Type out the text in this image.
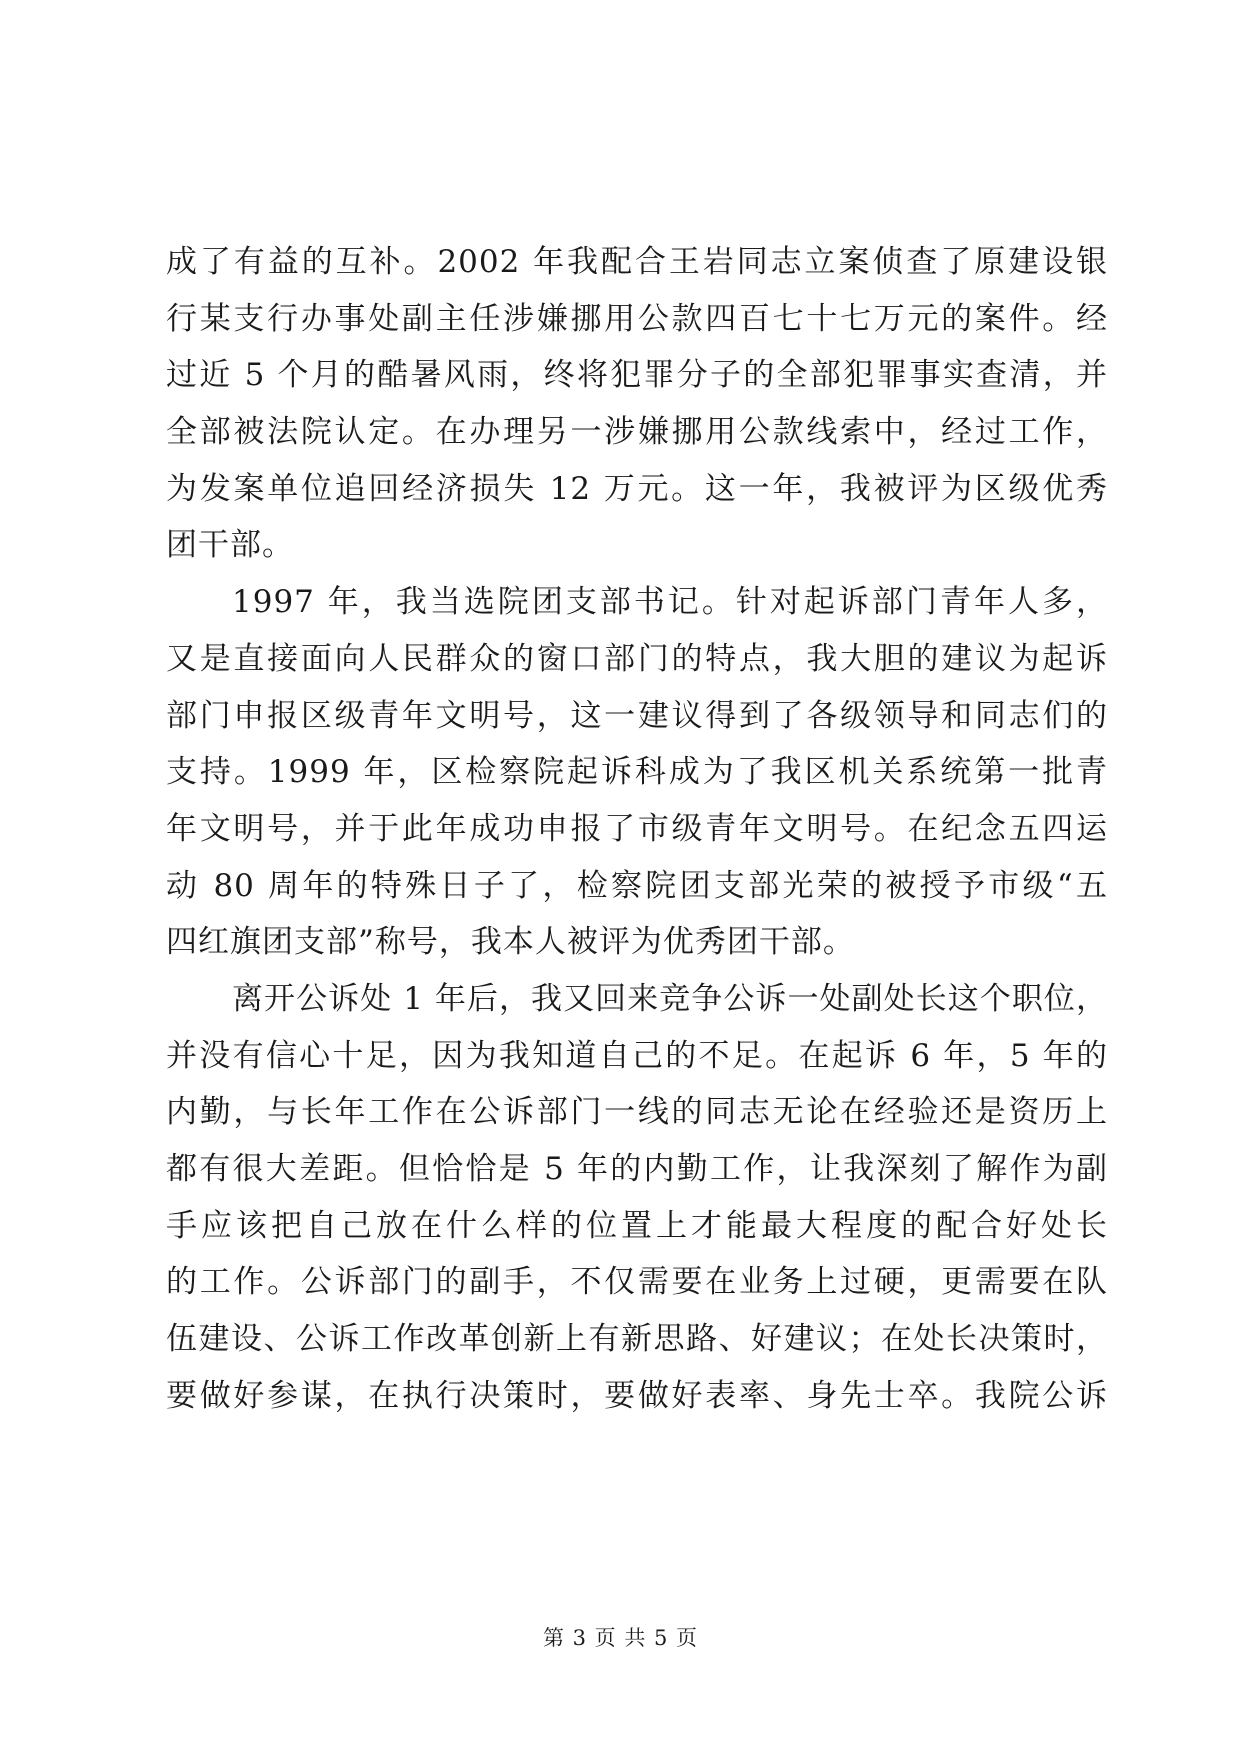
成了有益的互补。2002 年我配合王岩同志立案侦查了原建设银
行某支行办事处副主任涉嫌挪用公款四百七十七万元的案件。经
过近 5 个月的酷暑风雨，终将犯罪分子的全部犯罪事实查清，并
全部被法院认定。在办理另一涉嫌挪用公款线索中，经过工作，
为发案单位追回经济损失 12 万元。这一年，我被评为区级优秀
团干部。
1997 年，我当选院团支部书记。针对起诉部门青年人多，
又是直接面向人民群众的窗口部门的特点，我大胆的建议为起诉
部门申报区级青年文明号，这一建议得到了各级领导和同志们的
支持。1999 年，区检察院起诉科成为了我区机关系统第一批青
年文明号，并于此年成功申报了市级青年文明号。在纪念五四运
动 80 周年的特殊日子了，检察院团支部光荣的被授予市级“五
四红旗团支部”称号，我本人被评为优秀团干部。
离开公诉处 1 年后，我又回来竞争公诉一处副处长这个职位，
并没有信心十足，因为我知道自己的不足。在起诉 6 年，5 年的
内勤，与长年工作在公诉部门一线的同志无论在经验还是资历上
都有很大差距。但恰恰是 5 年的内勤工作，让我深刻了解作为副
手应该把自己放在什么样的位置上才能最大程度的配合好处长
的工作。公诉部门的副手，不仅需要在业务上过硬，更需要在队
伍建设、公诉工作改革创新上有新思路、好建议；在处长决策时，
要做好参谋，在执行决策时，要做好表率、身先士卒。我院公诉
第 3 页 共 5 页
